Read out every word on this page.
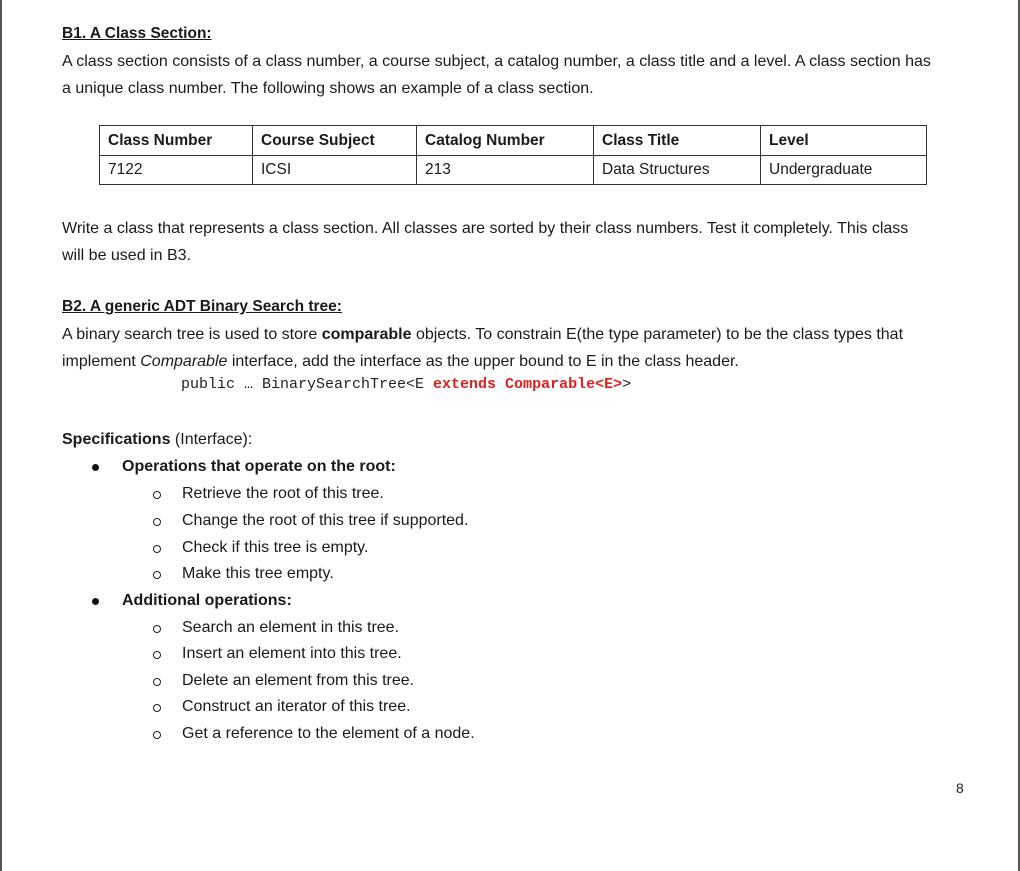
B1. A Class Section:
A class section consists of a class number, a course subject, a catalog number, a class title and a level. A class section has
a unique class number. The following shows an example of a class section.
Class Number	Course Subject	Catalog Number	Class Title	Level
7122	ICSI	213	Data Structures	Undergraduate
Write a class that represents a class section. All classes are sorted by their class numbers. Test it completely. This class
will be used in B3.
B2. A generic ADT Binary Search tree:
A binary search tree is used to store comparable objects. To constrain E(the type parameter) to be the class types that
implement Comparable interface, add the interface as the upper bound to E in the class header.
public … BinarySearchTree<E extends Comparable<E>>
Specifications (Interface):
Operations that operate on the root:
Retrieve the root of this tree.
Change the root of this tree if supported.
Check if this tree is empty.
Make this tree empty.
Additional operations:
Search an element in this tree.
Insert an element into this tree.
Delete an element from this tree.
Construct an iterator of this tree.
Get a reference to the element of a node.
8
